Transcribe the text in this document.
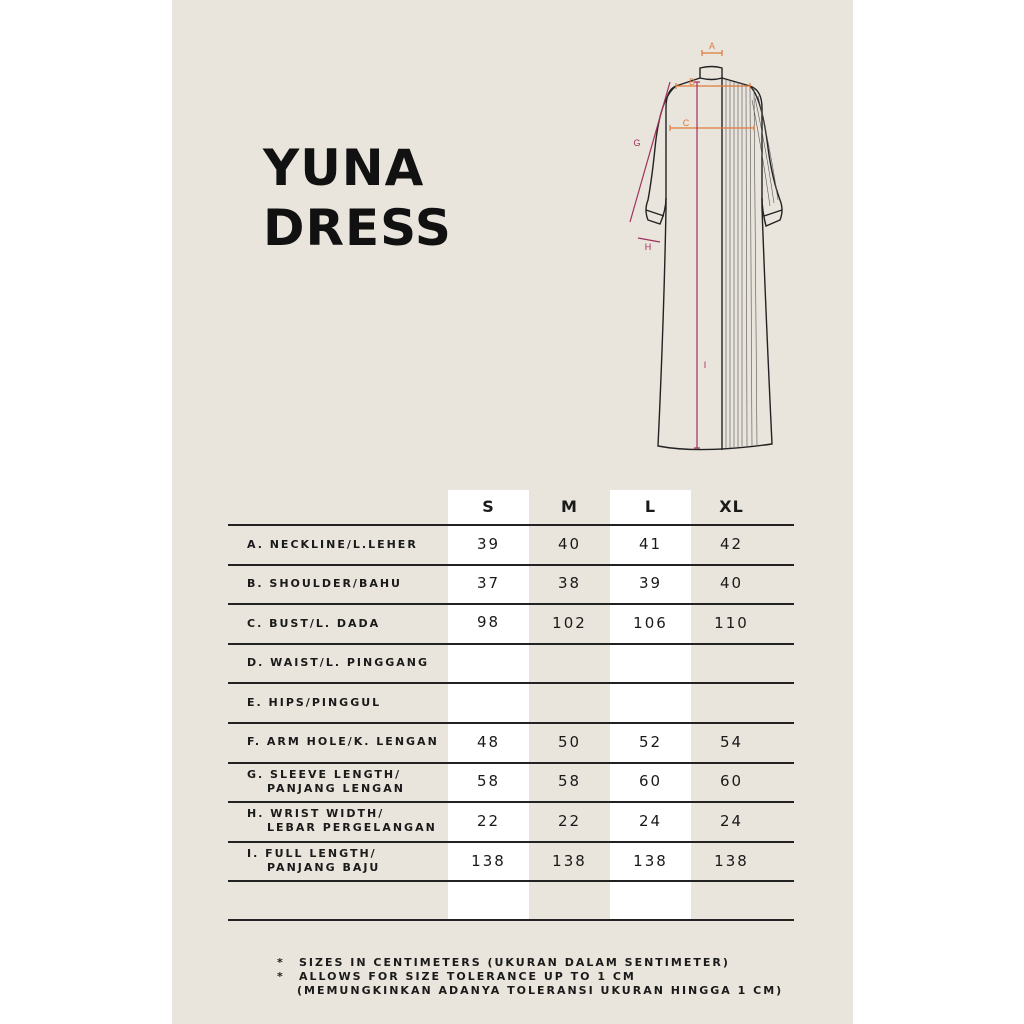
YUNA
DRESS
A
B
C
G
H
I
S	M	L	XL
A. NECKLINE/L.LEHER	39	40	41	42
B. SHOULDER/BAHU	37	38	39	40
C. BUST/L. DADA	98	102	106	110
D. WAIST/L. PINGGANG
E. HIPS/PINGGUL
F. ARM HOLE/K. LENGAN	48	50	52	54
G. SLEEVE LENGTH/
PANJANG LENGAN	58	58	60	60
H. WRIST WIDTH/
LEBAR PERGELANGAN	22	22	24	24
I. FULL LENGTH/
PANJANG BAJU	138	138	138	138
* SIZES IN CENTIMETERS (UKURAN DALAM SENTIMETER)
* ALLOWS FOR SIZE TOLERANCE UP TO 1 CM
(MEMUNGKINKAN ADANYA TOLERANSI UKURAN HINGGA 1 CM)
